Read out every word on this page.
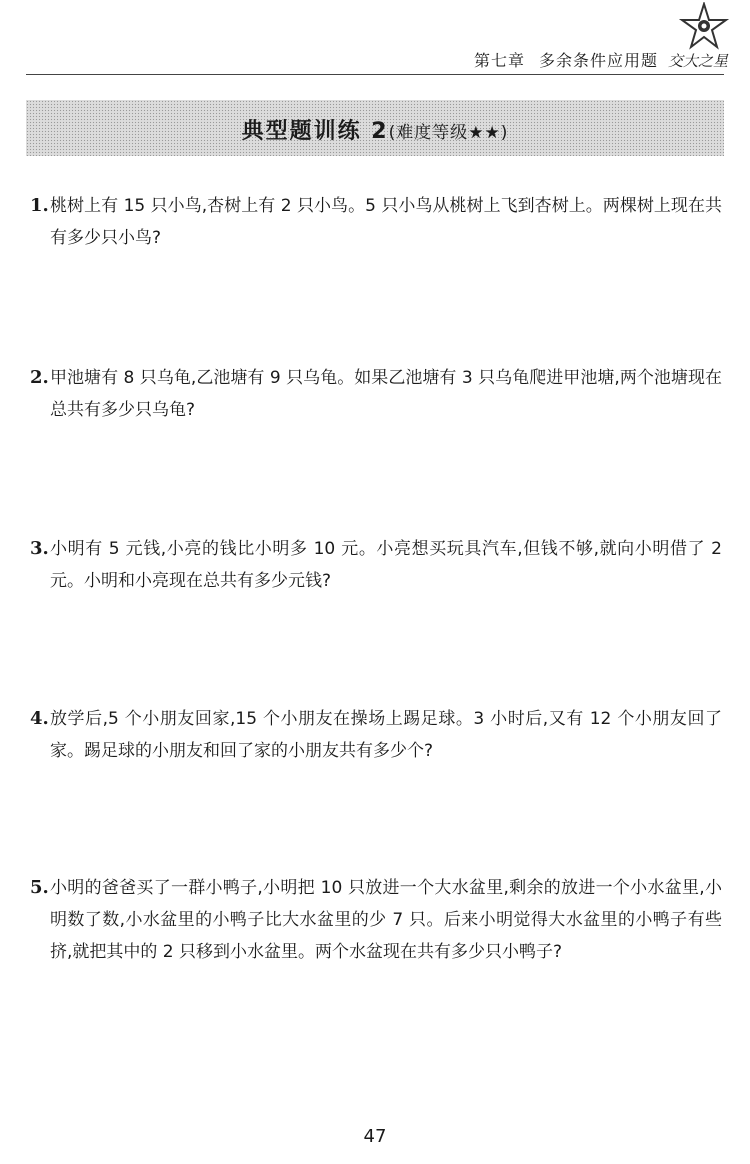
第七章 多余条件应用题 交大之星
典型题训练 2(难度等级★★)
1. 桃树上有 15 只小鸟,杏树上有 2 只小鸟。5 只小鸟从桃树上飞到杏树上。两棵树上现在共有多少只小鸟?
2. 甲池塘有 8 只乌龟,乙池塘有 9 只乌龟。如果乙池塘有 3 只乌龟爬进甲池塘,两个池塘现在总共有多少只乌龟?
3. 小明有 5 元钱,小亮的钱比小明多 10 元。小亮想买玩具汽车,但钱不够,就向小明借了 2 元。小明和小亮现在总共有多少元钱?
4. 放学后,5 个小朋友回家,15 个小朋友在操场上踢足球。3 小时后,又有 12 个小朋友回了家。踢足球的小朋友和回了家的小朋友共有多少个?
5. 小明的爸爸买了一群小鸭子,小明把 10 只放进一个大水盆里,剩余的放进一个小水盆里,小明数了数,小水盆里的小鸭子比大水盆里的少 7 只。后来小明觉得大水盆里的小鸭子有些挤,就把其中的 2 只移到小水盆里。两个水盆现在共有多少只小鸭子?
47
